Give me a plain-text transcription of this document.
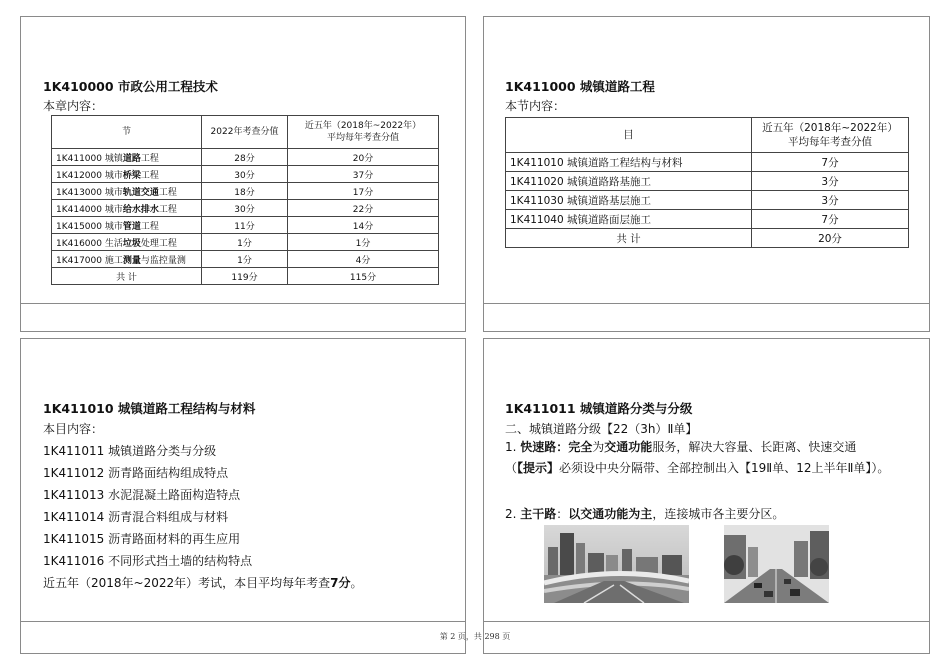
1K410000 市政公用工程技术
本章内容：
节	2022年考查分值	近五年（2018年~2022年）
平均每年考查分值
1K411000 城镇道路工程	28分	20分
1K412000 城市桥梁工程	30分	37分
1K413000 城市轨道交通工程	18分	17分
1K414000 城市给水排水工程	30分	22分
1K415000 城市管道工程	11分	14分
1K416000 生活垃圾处理工程	1分	1分
1K417000 施工测量与监控量测	1分	4分
共 计	119分	115分
1K411000 城镇道路工程
本节内容：
目	近五年（2018年~2022年）
平均每年考查分值
1K411010 城镇道路工程结构与材料	7分
1K411020 城镇道路路基施工	3分
1K411030 城镇道路基层施工	3分
1K411040 城镇道路面层施工	7分
共 计	20分
1K411010 城镇道路工程结构与材料
本目内容：
1K411011 城镇道路分类与分级
1K411012 沥青路面结构组成特点
1K411013 水泥混凝土路面构造特点
1K411014 沥青混合料组成与材料
1K411015 沥青路面材料的再生应用
1K411016 不同形式挡土墙的结构特点
近五年（2018年~2022年）考试，本目平均每年考查7分。
1K411011 城镇道路分类与分级
二、城镇道路分级【22（3h）Ⅱ单】
1. 快速路：完全为交通功能服务，解决大容量、长距离、快速交通（【提示】必须设中央分隔带、全部控制出入【19Ⅱ单、12上半年Ⅱ单】）。
2. 主干路：以交通功能为主，连接城市各主要分区。
第 2 页，共 298 页
